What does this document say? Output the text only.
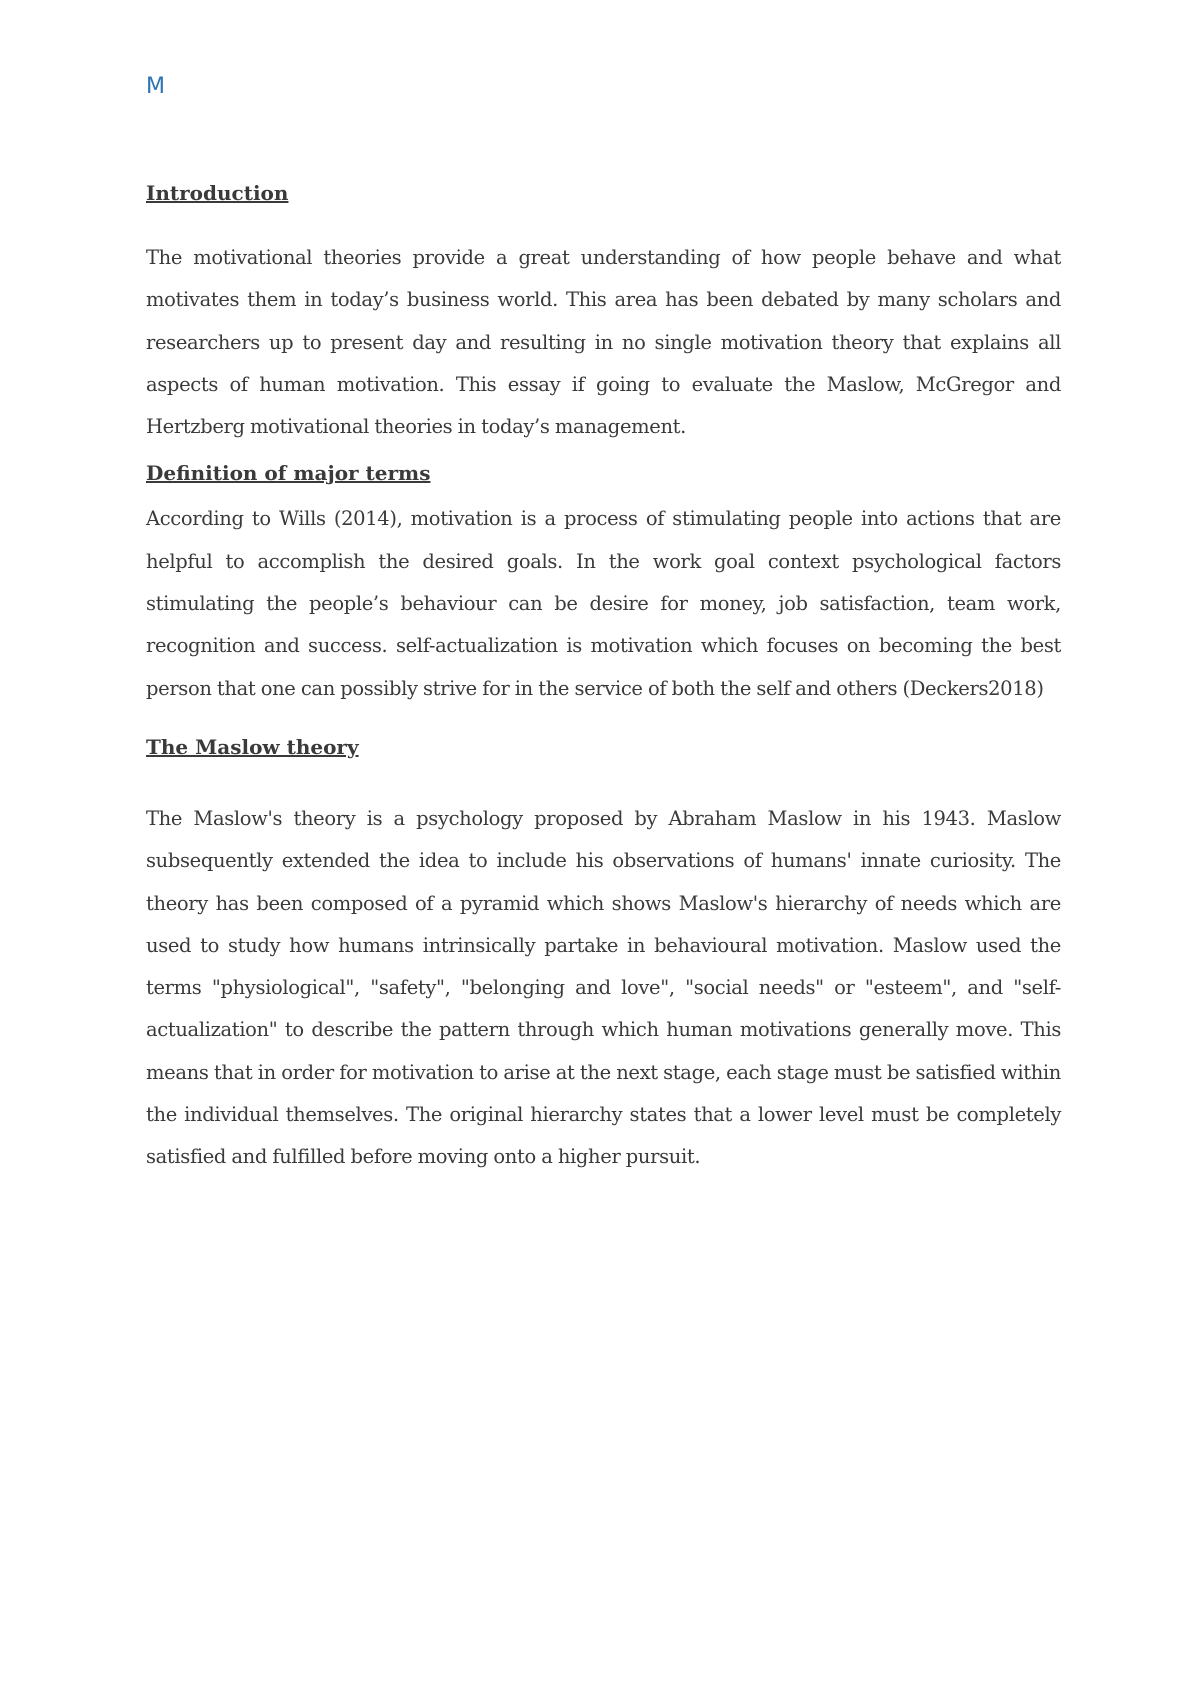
M
Introduction

The motivational theories provide a great understanding of how people behave and what motivates them in today’s business world. This area has been debated by many scholars and researchers up to present day and resulting in no single motivation theory that explains all aspects of human motivation. This essay if going to evaluate the Maslow, McGregor and Hertzberg motivational theories in today’s management.

Definition of major terms

According to Wills (2014), motivation is a process of stimulating people into actions that are helpful to accomplish the desired goals. In the work goal context psychological factors stimulating the people’s behaviour can be desire for money, job satisfaction, team work, recognition and success. self-actualization is motivation which focuses on becoming the best person that one can possibly strive for in the service of both the self and others (Deckers2018)

The Maslow theory

The Maslow's theory is a psychology proposed by Abraham Maslow in his 1943. Maslow subsequently extended the idea to include his observations of humans' innate curiosity. The theory has been composed of a pyramid which shows Maslow's hierarchy of needs which are used to study how humans intrinsically partake in behavioural motivation. Maslow used the terms "physiological", "safety", "belonging and love", "social needs" or "esteem", and "self-actualization" to describe the pattern through which human motivations generally move. This means that in order for motivation to arise at the next stage, each stage must be satisfied within the individual themselves. The original hierarchy states that a lower level must be completely satisfied and fulfilled before moving onto a higher pursuit.
